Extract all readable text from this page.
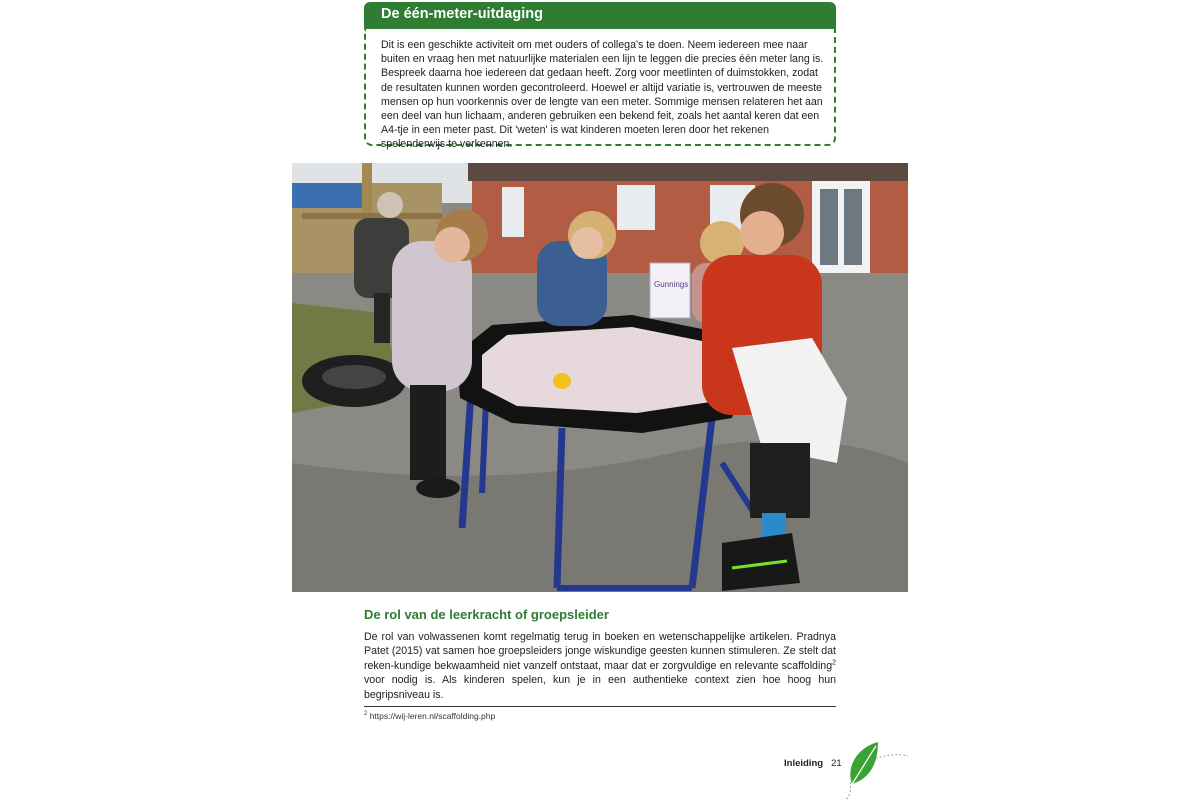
De één-meter-uitdaging
Dit is een geschikte activiteit om met ouders of collega's te doen. Neem iedereen mee naar buiten en vraag hen met natuurlijke materialen een lijn te leggen die precies één meter lang is. Bespreek daarna hoe iedereen dat gedaan heeft. Zorg voor meetlinten of duimstokken, zodat de resultaten kunnen worden gecontroleerd. Hoewel er altijd variatie is, vertrouwen de meeste mensen op hun voorkennis over de lengte van een meter. Sommige mensen relateren het aan een deel van hun lichaam, anderen gebruiken een bekend feit, zoals het aantal keren dat een A4-tje in een meter past. Dit 'weten' is wat kinderen moeten leren door het rekenen spelenderwijs te verkennen.
Gunnings
De rol van de leerkracht of groepsleider
De rol van volwassenen komt regelmatig terug in boeken en wetenschappelijke artikelen. Pradnya Patet (2015) vat samen hoe groepsleiders jonge wiskundige geesten kunnen stimuleren. Ze stelt dat reken-kundige bekwaamheid niet vanzelf ontstaat, maar dat er zorgvuldige en relevante scaffolding$^2$ voor nodig is. Als kinderen spelen, kun je in een authentieke context zien hoe hoog hun begripsniveau is.
$^2$ https://wij-leren.nl/scaffolding.php
Inleiding 21
